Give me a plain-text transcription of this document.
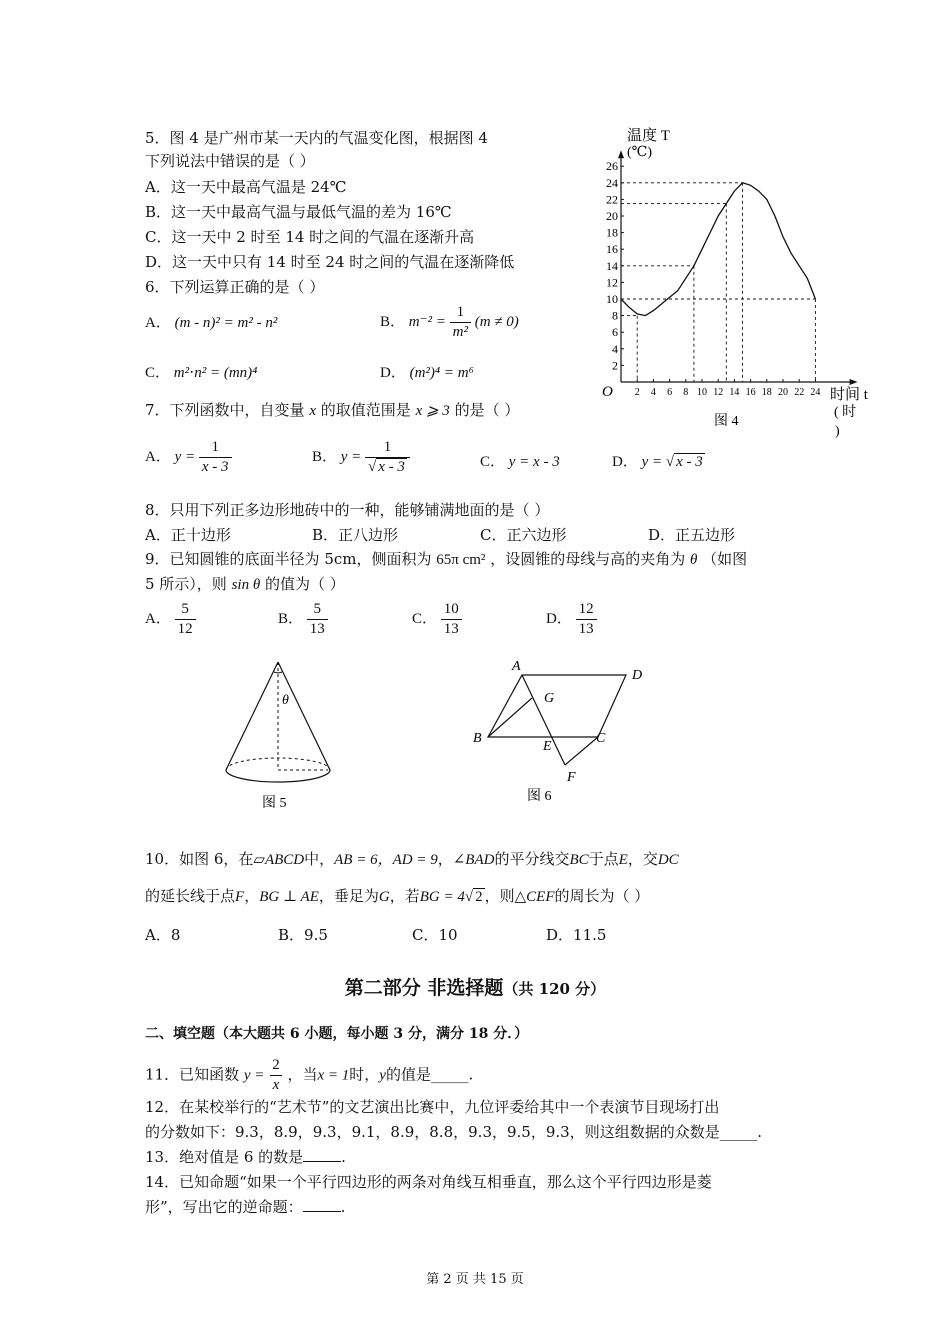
5．图 4 是广州市某一天内的气温变化图，根据图 4
下列说法中错误的是（ ）
A．这一天中最高气温是 24℃
B．这一天中最高气温与最低气温的差为 16℃
C．这一天中 2 时至 14 时之间的气温在逐渐升高
D．这一天中只有 14 时至 24 时之间的气温在逐渐降低
6．下列运算正确的是（ ）
A． (m - n)² = m² - n²	B． $m^{-2} = \frac{1}{\text{m²}} (m \ne 0)$
C． m²⋅n² = (mn)⁴	D． (m²)⁴ = m⁶
7．下列函数中，自变量 x 的取值范围是 x ⩾ 3 的是（ ）
A． $y = \frac{1}{x - 3}$	B． $y = \frac{1}{√ x - 3}$	C． y = x - 3	D． y = √ x - 3
8．只用下列正多边形地砖中的一种，能够铺满地面的是（ ）
A．正十边形	B．正八边形	C．正六边形	D．正五边形
9．已知圆锥的底面半径为 5cm，侧面积为 65π cm² ，设圆锥的母线与高的夹角为 θ （如图
5 所示），则 sin θ 的值为（ ）
A． $\frac{5}{12}$	B． $\frac{5}{13}$	C． $\frac{10}{13}$	D． $\frac{12}{13}$
温度 T
(℃)
时间 t
( 时
)
O
图 4
2
4
6
8
10
12
14
16
18
20
22
24
26
2 4 6 8 10 12 14 16 18 20 22 24
θ
图 5
A
D
B	C
G
E
F
图 6
10．如图 6，在▱ABCD中，AB = 6，AD = 9，∠BAD的平分线交BC于点E，交DC
的延长线于点F，BG ⊥ AE，垂足为G，若BG = 4√ 2 ，则△CEF的周长为（ ）
A．8	B．9.5	C．10	D．11.5
第二部分 非选择题（共 120 分）
二、填空题（本大题共 6 小题，每小题 3 分，满分 18 分．）
11．已知函数 $y = \frac{2}{x}$ ，当x = 1时，y的值是_____.
12．在某校举行的“艺术节”的文艺演出比赛中，九位评委给其中一个表演节目现场打出
的分数如下：9.3，8.9，9.3，9.1，8.9，8.8，9.3，9.5，9.3，则这组数据的众数是_____.
13．绝对值是 6 的数是	.
14．已知命题“如果一个平行四边形的两条对角线互相垂直，那么这个平行四边形是菱
形”，写出它的逆命题：	.
第 2 页 共 15 页
